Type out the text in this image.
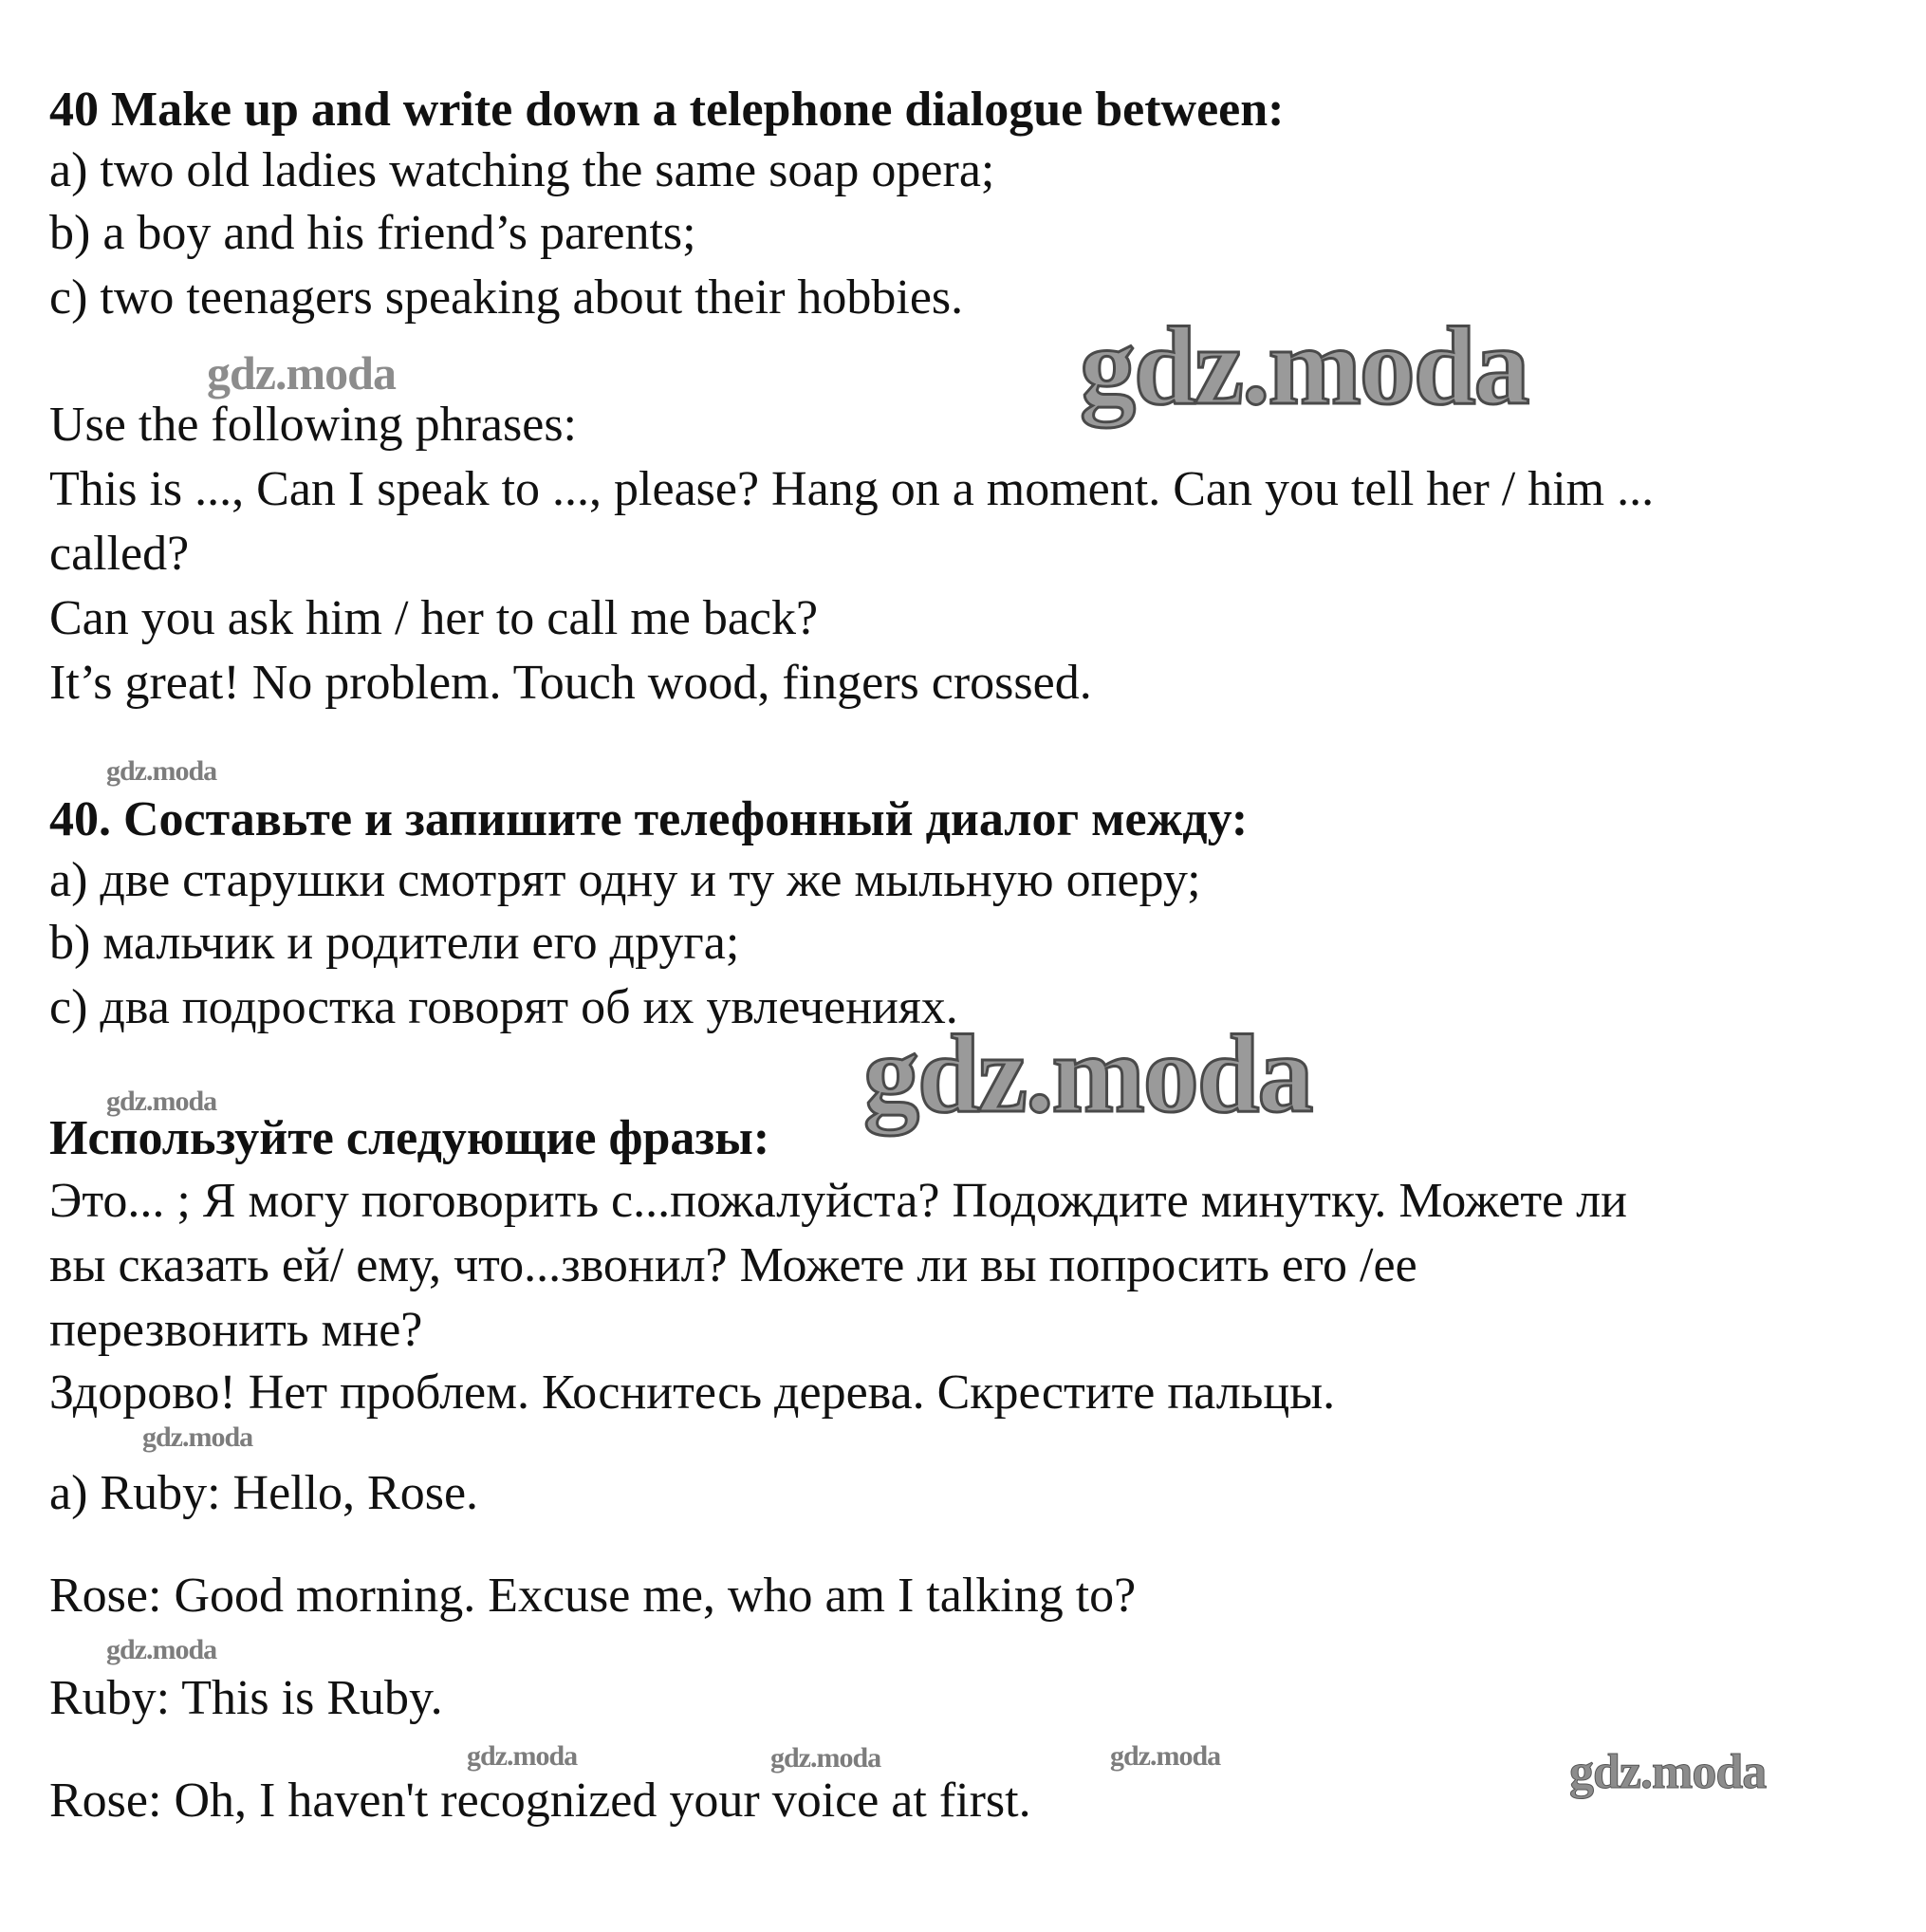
40 Make up and write down a telephone dialogue between:
a) two old ladies watching the same soap opera;
b) a boy and his friend’s parents;
c) two teenagers speaking about their hobbies.
Use the following phrases:
This is ..., Can I speak to ..., please? Hang on a moment. Can you tell her / him ...
called?
Can you ask him / her to call me back?
It’s great! No problem. Touch wood, fingers crossed.
40. Составьте и запишите телефонный диалог между:
a) две старушки смотрят одну и ту же мыльную оперу;
b) мальчик и родители его друга;
c) два подростка говорят об их увлечениях.
Используйте следующие фразы:
Это... ; Я могу поговорить с...пожалуйста? Подождите минутку. Можете ли
вы сказать ей/ ему, что...звонил? Можете ли вы попросить его /ее
перезвонить мне?
Здорово! Нет проблем. Коснитесь дерева. Скрестите пальцы.
a) Ruby: Hello, Rose.
Rose: Good morning. Excuse me, who am I talking to?
Ruby: This is Ruby.
Rose: Oh, I haven't recognized your voice at first.
gdz.moda	gdz.moda
gdz.moda
gdz.moda
gdz.moda
gdz.moda
gdz.moda
gdz.moda	gdz.moda	gdz.moda	gdz.moda
